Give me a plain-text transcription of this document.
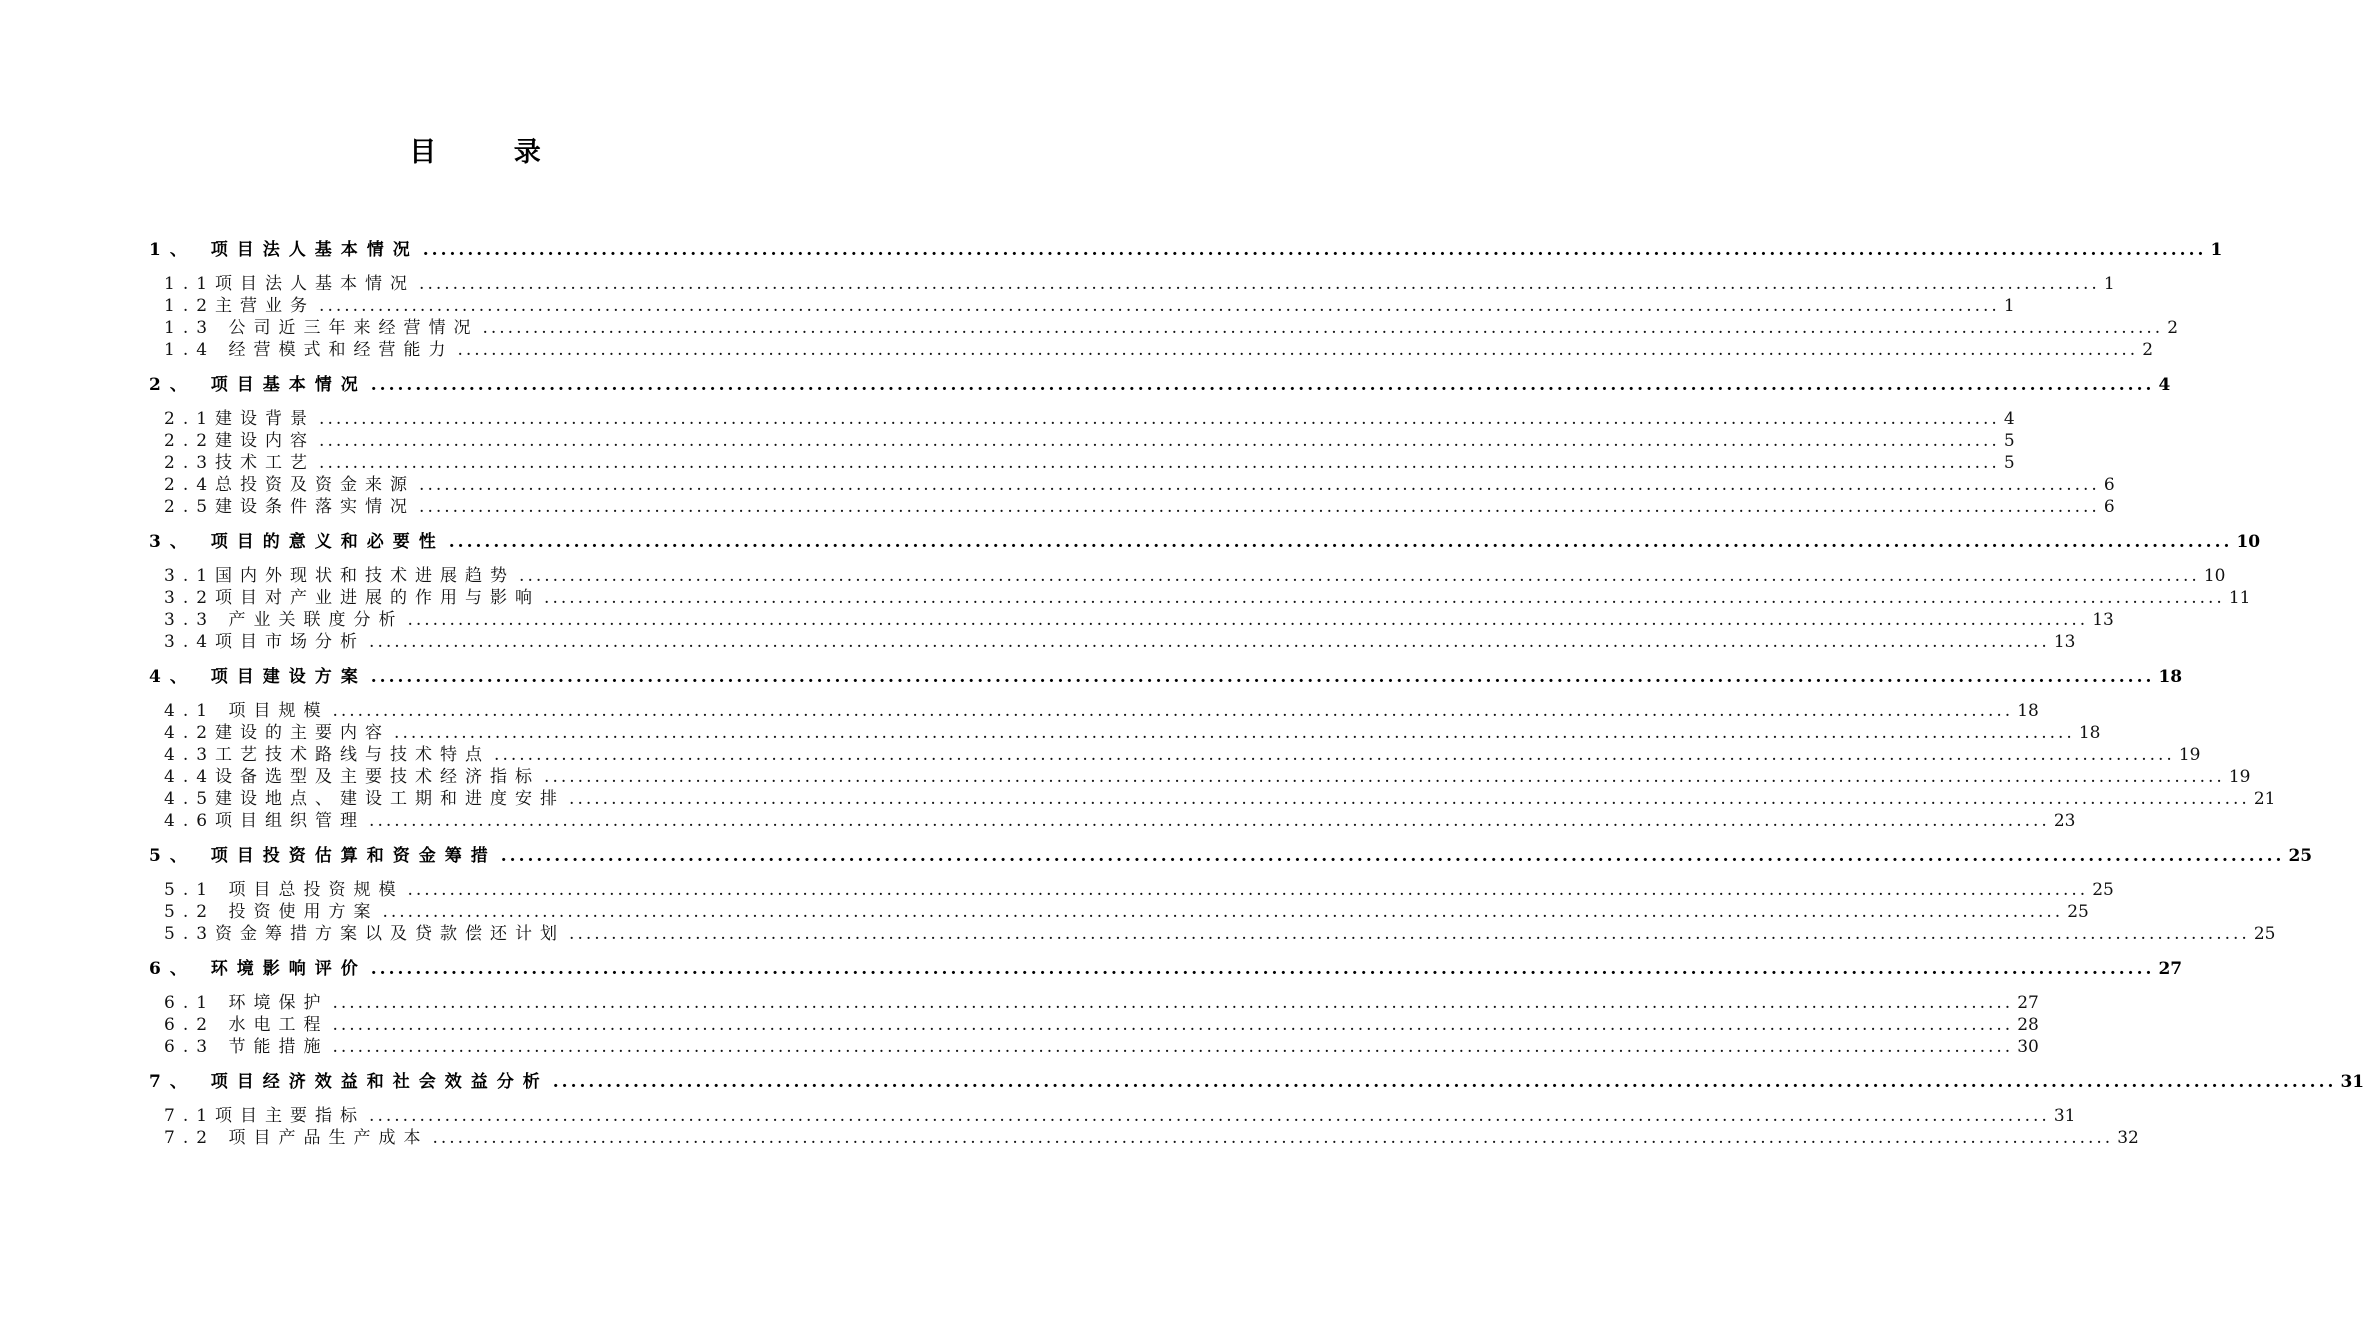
目 录
1、 项目法人基本情况 ........................................................................................................................................................................................................ 1
1.1项目法人基本情况 ........................................................................................................................................................................................................ 1
1.2主营业务 ........................................................................................................................................................................................................ 1
1.3 公司近三年来经营情况 ........................................................................................................................................................................................................ 2
1.4 经营模式和经营能力 ........................................................................................................................................................................................................ 2
2、 项目基本情况 ........................................................................................................................................................................................................ 4
2.1建设背景 ........................................................................................................................................................................................................ 4
2.2建设内容 ........................................................................................................................................................................................................ 5
2.3技术工艺 ........................................................................................................................................................................................................ 5
2.4总投资及资金来源 ........................................................................................................................................................................................................ 6
2.5建设条件落实情况 ........................................................................................................................................................................................................ 6
3、 项目的意义和必要性 ........................................................................................................................................................................................................ 10
3.1国内外现状和技术进展趋势 ........................................................................................................................................................................................................ 10
3.2项目对产业进展的作用与影响 ........................................................................................................................................................................................................ 11
3.3 产业关联度分析 ........................................................................................................................................................................................................ 13
3.4项目市场分析 ........................................................................................................................................................................................................ 13
4、 项目建设方案 ........................................................................................................................................................................................................ 18
4.1 项目规模 ........................................................................................................................................................................................................ 18
4.2建设的主要内容 ........................................................................................................................................................................................................ 18
4.3工艺技术路线与技术特点 ........................................................................................................................................................................................................ 19
4.4设备选型及主要技术经济指标 ........................................................................................................................................................................................................ 19
4.5建设地点、建设工期和进度安排 ........................................................................................................................................................................................................ 21
4.6项目组织管理 ........................................................................................................................................................................................................ 23
5、 项目投资估算和资金筹措 ........................................................................................................................................................................................................ 25
5.1 项目总投资规模 ........................................................................................................................................................................................................ 25
5.2 投资使用方案 ........................................................................................................................................................................................................ 25
5.3资金筹措方案以及贷款偿还计划 ........................................................................................................................................................................................................ 25
6、 环境影响评价 ........................................................................................................................................................................................................ 27
6.1 环境保护 ........................................................................................................................................................................................................ 27
6.2 水电工程 ........................................................................................................................................................................................................ 28
6.3 节能措施 ........................................................................................................................................................................................................ 30
7、 项目经济效益和社会效益分析 ........................................................................................................................................................................................................ 31
7.1项目主要指标 ........................................................................................................................................................................................................ 31
7.2 项目产品生产成本 ........................................................................................................................................................................................................ 32
